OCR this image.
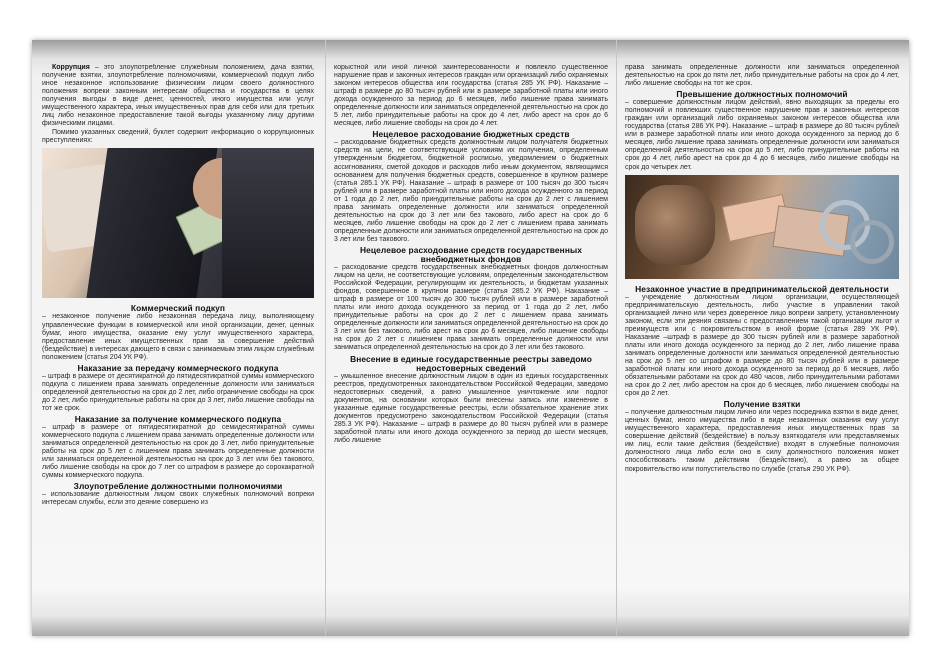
Коррупция – это злоупотребление служебным положением, дача взятки, получение взятки, злоупотребление полномочиями, коммерческий подкуп либо иное незаконное использование физическим лицом своего должностного положения вопреки законным интересам общества и государства в целях получения выгоды в виде денег, ценностей, иного имущества или услуг имущественного характера, иных имущественных прав для себя или для третьих лиц либо незаконное предоставление такой выгоды указанному лицу другими физическими лицами.

Помимо указанных сведений, буклет содержит информацию о коррупционных преступлениях:

Коммерческий подкуп

– незаконное получение либо незаконная передача лицу, выполняющему управленческие функции в коммерческой или иной организации, денег, ценных бумаг, иного имущества, оказание ему услуг имущественного характера, предоставление иных имущественных прав за совершение действий (бездействие) в интересах дающего в связи с занимаемым этим лицом служебным положением (статья 204 УК РФ).

Наказание за передачу коммерческого подкупа

– штраф в размере от десятикратной до пятидесятикратной суммы коммерческого подкупа с лишением права занимать определенные должности или заниматься определенной деятельностью на срок до 2 лет, либо ограничение свободы на срок до 2 лет, либо принудительные работы на срок до 3 лет, либо лишение свободы на тот же срок.

Наказание за получение коммерческого подкупа

– штраф в размере от пятидесятикратной до семидесятикратной суммы коммерческого подкупа с лишением права занимать определенные должности или заниматься определенной деятельностью на срок до 3 лет, либо принудительные работы на срок до 5 лет с лишением права занимать определенные должности или заниматься определенной деятельностью на срок до 3 лет или без такового, либо лишение свободы на срок до 7 лет со штрафом в размере до сорокакратной суммы коммерческого подкупа.

Злоупотребление должностными полномочиями

– использование должностным лицом своих служебных полномочий вопреки интересам службы, если это деяние совершено из

корыстной или иной личной заинтересованности и повлекло существенное нарушение прав и законных интересов граждан или организаций либо охраняемых законом интересов общества или государства (статья 285 УК РФ). Наказание – штраф в размере до 80 тысяч рублей или в размере заработной платы или иного дохода осужденного за период до 6 месяцев, либо лишение права занимать определенные должности или заниматься определенной деятельностью на срок до 5 лет, либо принудительные работы на срок до 4 лет, либо арест на срок до 6 месяцев, либо лишение свободы на срок до 4 лет.

Нецелевое расходование бюджетных средств

– расходование бюджетных средств должностным лицом получателя бюджетных средств на цели, не соответствующие условиям их получения, определенным утвержденным бюджетом, бюджетной росписью, уведомлением о бюджетных ассигнованиях, сметой доходов и расходов либо иным документом, являющимся основанием для получения бюджетных средств, совершенное в крупном размере (статья 285.1 УК РФ). Наказание – штраф в размере от 100 тысяч до 300 тысяч рублей или в размере заработной платы или иного дохода осужденного за период от 1 года до 2 лет, либо принудительные работы на срок до 2 лет с лишением права занимать определенные должности или заниматься определенной деятельностью на срок до 3 лет или без такового, либо арест на срок до 6 месяцев, либо лишение свободы на срок до 2 лет с лишением права занимать определенные должности или заниматься определенной деятельностью на срок до 3 лет или без такового.

Нецелевое расходование средств государственных внебюджетных фондов

– расходование средств государственных внебюджетных фондов должностным лицом на цели, не соответствующие условиям, определенным законодательством Российской Федерации, регулирующим их деятельность, и бюджетам указанных фондов, совершенное в крупном размере (статья 285.2 УК РФ). Наказание – штраф в размере от 100 тысяч до 300 тысяч рублей или в размере заработной платы или иного дохода осужденного за период от 1 года до 2 лет, либо принудительные работы на срок до 2 лет с лишением права занимать определенные должности или заниматься определенной деятельностью на срок до 3 лет или без такового, либо арест на срок до 6 месяцев, либо лишение свободы на срок до 2 лет с лишением права занимать определенные должности или заниматься определенной деятельностью на срок до 3 лет или без такового.

Внесение в единые государственные реестры заведомо недостоверных сведений

– умышленное внесение должностным лицом в один из единых государственных реестров, предусмотренных законодательством Российской Федерации, заведомо недостоверных сведений, а равно умышленное уничтожение или подлог документов, на основании которых были внесены запись или изменение в указанные единые государственные реестры, если обязательное хранение этих документов предусмотрено законодательством Российской Федерации (статья 285.3 УК РФ). Наказание – штраф в размере до 80 тысяч рублей или в размере заработной платы или иного дохода осужденного за период до шести месяцев, либо лишение

права занимать определенные должности или заниматься определенной деятельностью на срок до пяти лет, либо принудительные работы на срок до 4 лет, либо лишение свободы на тот же срок.

Превышение должностных полномочий

– совершение должностным лицом действий, явно выходящих за пределы его полномочий и повлекших существенное нарушение прав и законных интересов граждан или организаций либо охраняемых законом интересов общества или государства (статья 286 УК РФ). Наказание – штраф в размере до 80 тысяч рублей или в размере заработной платы или иного дохода осужденного за период до 6 месяцев, либо лишение права занимать определенные должности или заниматься определенной деятельностью на срок до 5 лет, либо принудительные работы на срок до 4 лет, либо арест на срок до 4 до 6 месяцев, либо лишение свободы на срок до четырех лет.

Незаконное участие в предпринимательской деятельности

– учреждение должностным лицом организации, осуществляющей предпринимательскую деятельность, либо участие в управлении такой организацией лично или через доверенное лицо вопреки запрету, установленному законом, если эти деяния связаны с предоставлением такой организации льгот и преимуществ или с покровительством в иной форме (статья 289 УК РФ). Наказание –штраф в размере до 300 тысяч рублей или в размере заработной платы или иного дохода осужденного за период до 2 лет, либо лишение права занимать определенные должности или заниматься определенной деятельностью на срок до 5 лет со штрафом в размере до 80 тысяч рублей или в размере заработной платы или иного дохода осужденного за период до 6 месяцев, либо обязательными работами на срок до 480 часов, либо принудительными работами на срок до 2 лет, либо арестом на срок до 6 месяцев, либо лишением свободы на срок до 2 лет.

Получение взятки

– получение должностным лицом лично или через посредника взятки в виде денег, ценных бумаг, иного имущества либо в виде незаконных оказания ему услуг имущественного характера, предоставления иных имущественных прав за совершение действий (бездействие) в пользу взяткодателя или представляемых им лиц, если такие действия (бездействие) входят в служебные полномочия должностного лица либо если оно в силу должностного положения может способствовать таким действиям (бездействию), а равно за общее покровительство или попустительство по службе (статья 290 УК РФ).
